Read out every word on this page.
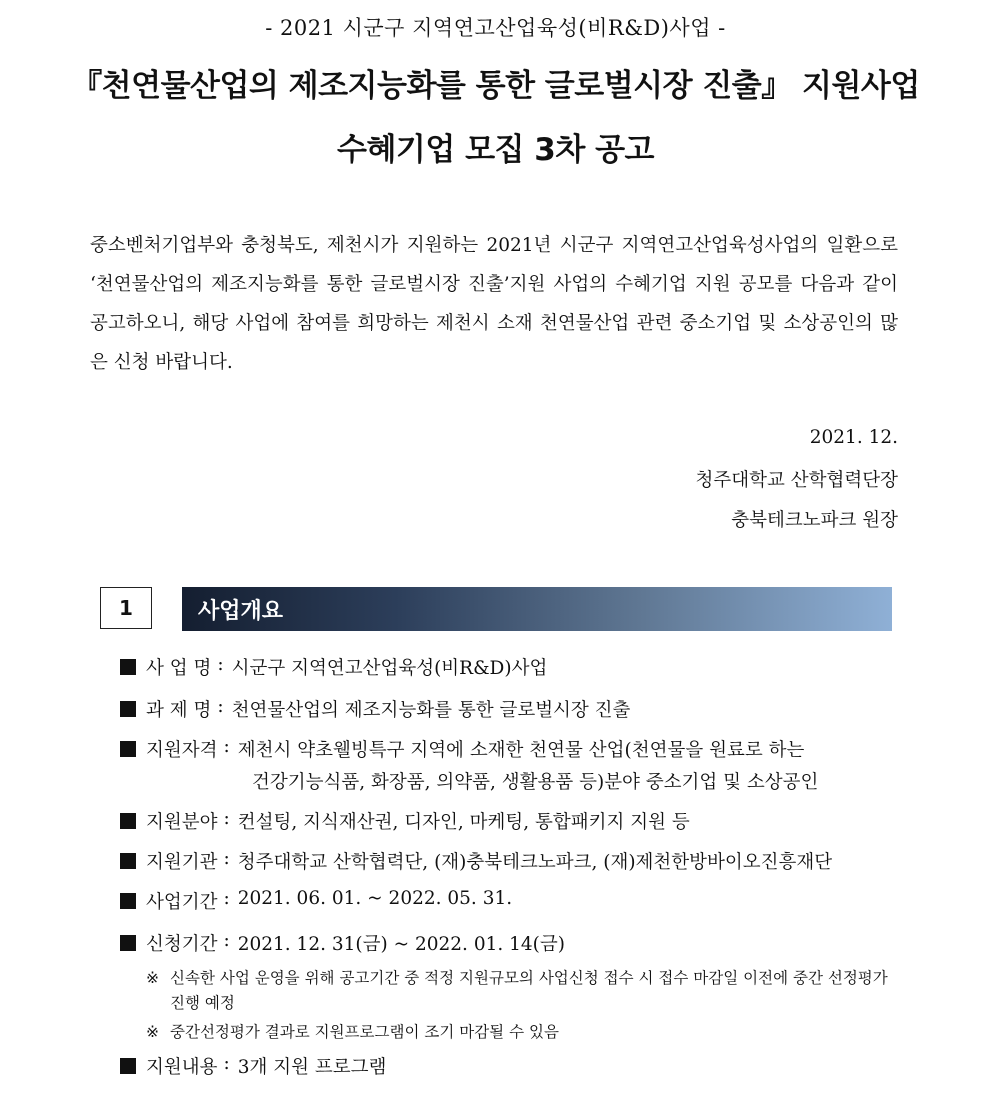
- 2021 시군구 지역연고산업육성(비R&D)사업 -
『천연물산업의 제조지능화를 통한 글로벌시장 진출』 지원사업
수혜기업 모집 3차 공고
중소벤처기업부와 충청북도, 제천시가 지원하는 2021년 시군구 지역연고산업육성사업의 일환으로 ‘천연물산업의 제조지능화를 통한 글로벌시장 진출’지원 사업의 수혜기업 지원 공모를 다음과 같이 공고하오니, 해당 사업에 참여를 희망하는 제천시 소재 천연물산업 관련 중소기업 및 소상공인의 많은 신청 바랍니다.
2021. 12.
청주대학교 산학협력단장
충북테크노파크 원장
1	사업개요
사 업 명 : 시군구 지역연고산업육성(비R&D)사업
과 제 명 : 천연물산업의 제조지능화를 통한 글로벌시장 진출
지원자격 : 제천시 약초웰빙특구 지역에 소재한 천연물 산업(천연물을 원료로 하는
건강기능식품, 화장품, 의약품, 생활용품 등)분야 중소기업 및 소상공인
지원분야 : 컨설팅, 지식재산권, 디자인, 마케팅, 통합패키지 지원 등
지원기관 : 청주대학교 산학협력단, (재)충북테크노파크, (재)제천한방바이오진흥재단
사업기간 : 2021. 06. 01. ~ 2022. 05. 31.
신청기간 : 2021. 12. 31(금) ~ 2022. 01. 14(금)
※ 신속한 사업 운영을 위해 공고기간 중 적정 지원규모의 사업신청 접수 시 접수 마감일 이전에 중간 선정평가 진행 예정
※ 중간선정평가 결과로 지원프로그램이 조기 마감될 수 있음
지원내용 : 3개 지원 프로그램
